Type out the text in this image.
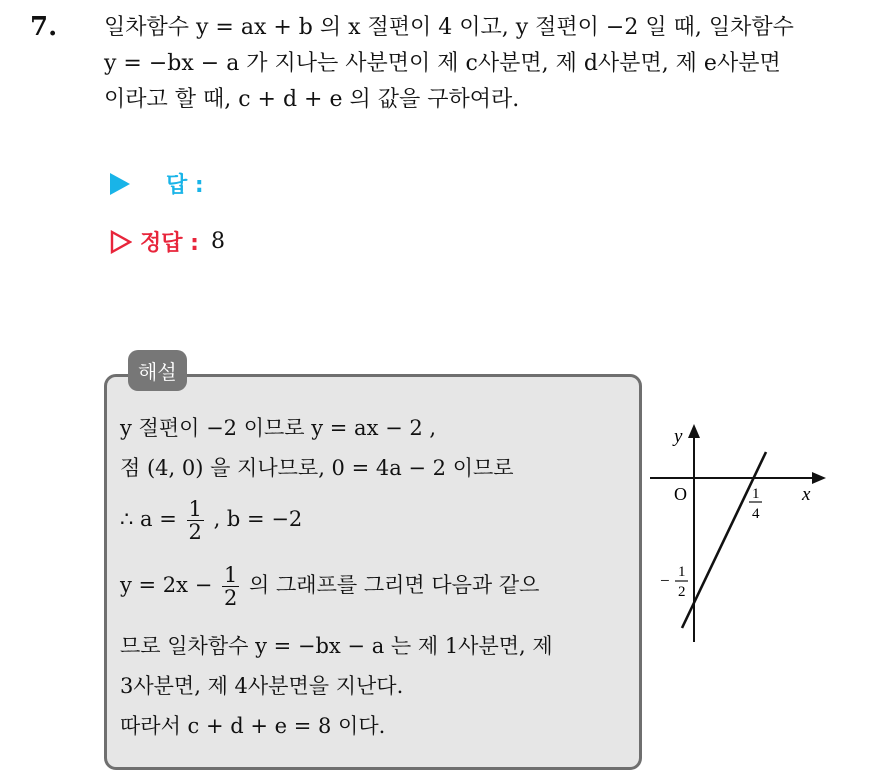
7. 일차함수 y = ax + b 의 x 절편이 4 이고, y 절편이 −2 일 때, 일차함수
y = −bx − a 가 지나는 사분면이 제 c사분면, 제 d사분면, 제 e사분면
이라고 할 때, c + d + e 의 값을 구하여라.
답 :
정답 : 8
해설
y 절편이 −2 이므로 y = ax − 2 ,
점 (4, 0) 을 지나므로, 0 = 4a − 2 이므로
∴ $a = \frac{1}{2}$ , b = −2
$y = 2x - \frac{1}{2}$ 의 그래프를 그리면 다음과 같으
므로 일차함수 y = −bx − a 는 제 1사분면, 제
3사분면, 제 4사분면을 지난다.
따라서 c + d + e = 8 이다.
y
x
O	1
4
− 1
2
